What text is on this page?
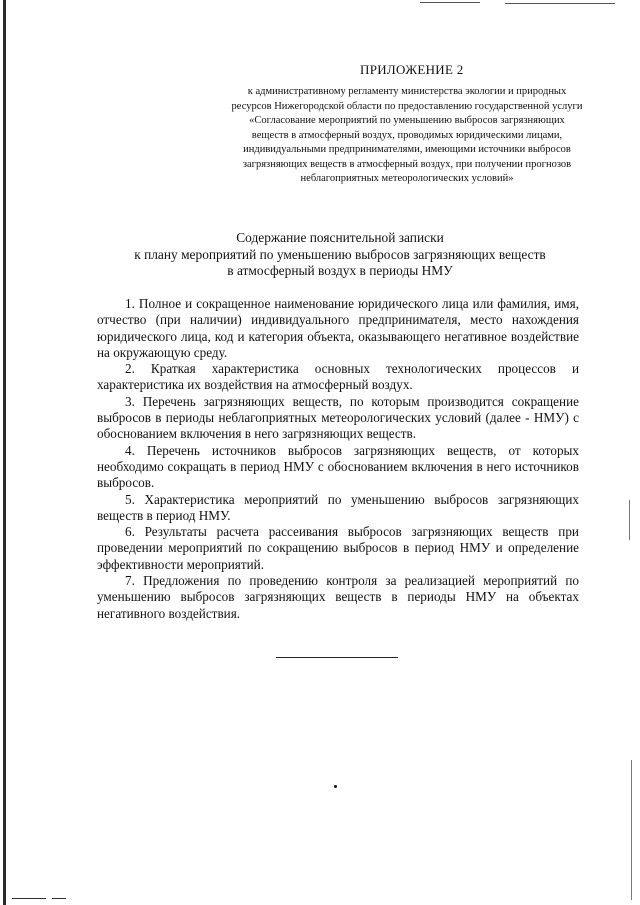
ПРИЛОЖЕНИЕ 2
к административному регламенту министерства экологии и природных ресурсов Нижегородской области по предоставлению государственной услуги «Согласование мероприятий по уменьшению выбросов загрязняющих веществ в атмосферный воздух, проводимых юридическими лицами, индивидуальными предпринимателями, имеющими источники выбросов загрязняющих веществ в атмосферный воздух, при получении прогнозов неблагоприятных метеорологических условий»
Содержание пояснительной записки
к плану мероприятий по уменьшению выбросов загрязняющих веществ
в атмосферный воздух в периоды НМУ

1. Полное и сокращенное наименование юридического лица или фамилия, имя, отчество (при наличии) индивидуального предпринимателя, место нахождения юридического лица, код и категория объекта, оказывающего негативное воздействие на окружающую среду.

2. Краткая характеристика основных технологических процессов и характеристика их воздействия на атмосферный воздух.

3. Перечень загрязняющих веществ, по которым производится сокращение выбросов в периоды неблагоприятных метеорологических условий (далее - НМУ) с обоснованием включения в него загрязняющих веществ.

4. Перечень источников выбросов загрязняющих веществ, от которых необходимо сокращать в период НМУ с обоснованием включения в него источников выбросов.

5. Характеристика мероприятий по уменьшению выбросов загрязняющих веществ в период НМУ.

6. Результаты расчета рассеивания выбросов загрязняющих веществ при проведении мероприятий по сокращению выбросов в период НМУ и определение эффективности мероприятий.

7. Предложения по проведению контроля за реализацией мероприятий по уменьшению выбросов загрязняющих веществ в периоды НМУ на объектах негативного воздействия.
